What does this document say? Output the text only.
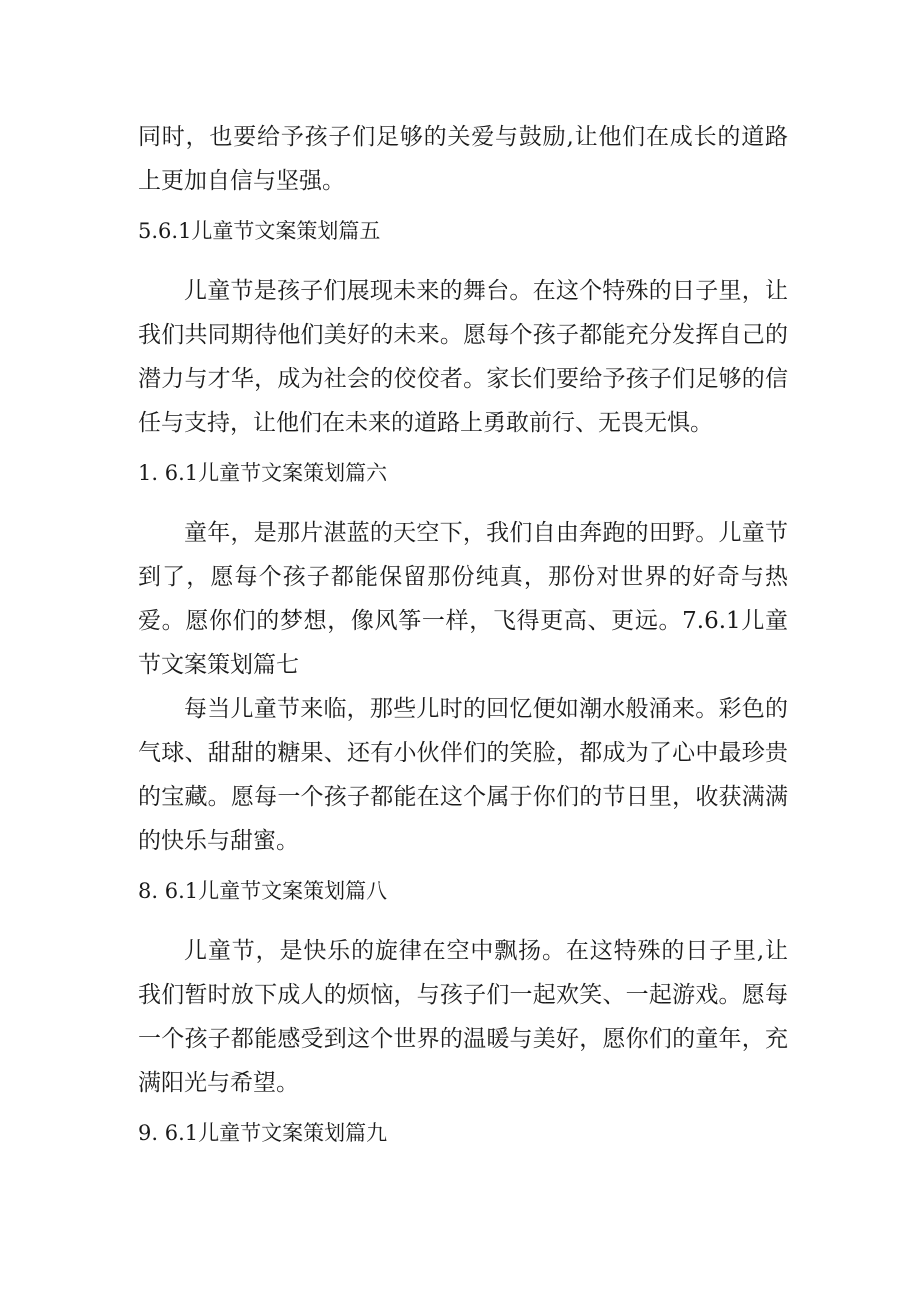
同时，也要给予孩子们足够的关爱与鼓励,让他们在成长的道路上更加自信与坚强。

5.6.1儿童节文案策划篇五

儿童节是孩子们展现未来的舞台。在这个特殊的日子里，让我们共同期待他们美好的未来。愿每个孩子都能充分发挥自己的潜力与才华，成为社会的佼佼者。家长们要给予孩子们足够的信任与支持，让他们在未来的道路上勇敢前行、无畏无惧。

1. 6.1儿童节文案策划篇六

童年，是那片湛蓝的天空下，我们自由奔跑的田野。儿童节到了，愿每个孩子都能保留那份纯真，那份对世界的好奇与热爱。愿你们的梦想，像风筝一样，飞得更高、更远。7.6.1儿童节文案策划篇七

每当儿童节来临，那些儿时的回忆便如潮水般涌来。彩色的气球、甜甜的糖果、还有小伙伴们的笑脸，都成为了心中最珍贵的宝藏。愿每一个孩子都能在这个属于你们的节日里，收获满满的快乐与甜蜜。

8. 6.1儿童节文案策划篇八

儿童节，是快乐的旋律在空中飘扬。在这特殊的日子里,让我们暂时放下成人的烦恼，与孩子们一起欢笑、一起游戏。愿每一个孩子都能感受到这个世界的温暖与美好，愿你们的童年，充满阳光与希望。

9. 6.1儿童节文案策划篇九
